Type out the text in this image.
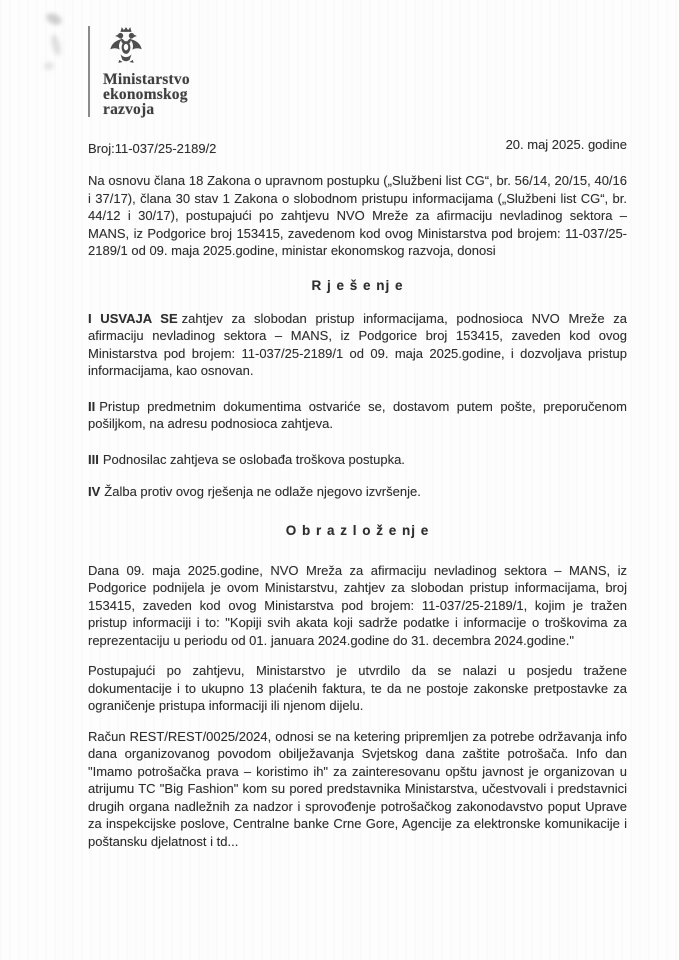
Ministarstvo
ekonomskog
razvoja
Broj:11-037/25-2189/2	20. maj 2025. godine

Na osnovu člana 18 Zakona o upravnom postupku („Službeni list CG“, br. 56/14, 20/15, 40/16 i 37/17), člana 30 stav 1 Zakona o slobodnom pristupu informacijama („Službeni list CG“, br. 44/12 i 30/17), postupajući po zahtjevu NVO Mreže za afirmaciju nevladinog sektora – MANS, iz Podgorice broj 153415, zavedenom kod ovog Ministarstva pod brojem: 11-037/25-2189/1 od 09. maja 2025.godine, ministar ekonomskog razvoja, donosi

R j e š e nj e

I USVAJA SE zahtjev za slobodan pristup informacijama, podnosioca NVO Mreže za afirmaciju nevladinog sektora – MANS, iz Podgorice broj 153415, zaveden kod ovog Ministarstva pod brojem: 11-037/25-2189/1 od 09. maja 2025.godine, i dozvoljava pristup informacijama, kao osnovan.

II Pristup predmetnim dokumentima ostvariće se, dostavom putem pošte, preporučenom pošiljkom, na adresu podnosioca zahtjeva.

III Podnosilac zahtjeva se oslobađa troškova postupka.

IV Žalba protiv ovog rješenja ne odlaže njegovo izvršenje.

O b r a z l o ž e nj e

Dana 09. maja 2025.godine, NVO Mreža za afirmaciju nevladinog sektora – MANS, iz Podgorice podnijela je ovom Ministarstvu, zahtjev za slobodan pristup informacijama, broj 153415, zaveden kod ovog Ministarstva pod brojem: 11-037/25-2189/1, kojim je tražen pristup informaciji i to: "Kopiji svih akata koji sadrže podatke i informacije o troškovima za reprezentaciju u periodu od 01. januara 2024.godine do 31. decembra 2024.godine."

Postupajući po zahtjevu, Ministarstvo je utvrdilo da se nalazi u posjedu tražene dokumentacije i to ukupno 13 plaćenih faktura, te da ne postoje zakonske pretpostavke za ograničenje pristupa informaciji ili njenom dijelu.

Račun REST/REST/0025/2024, odnosi se na ketering pripremljen za potrebe održavanja info dana organizovanog povodom obilježavanja Svjetskog dana zaštite potrošača. Info dan "Imamo potrošačka prava – koristimo ih" za zainteresovanu opštu javnost je organizovan u atrijumu TC "Big Fashion" kom su pored predstavnika Ministarstva, učestvovali i predstavnici drugih organa nadležnih za nadzor i sprovođenje potrošačkog zakonodavstvo poput Uprave za inspekcijske poslove, Centralne banke Crne Gore, Agencije za elektronske komunikacije i poštansku djelatnost i td...
